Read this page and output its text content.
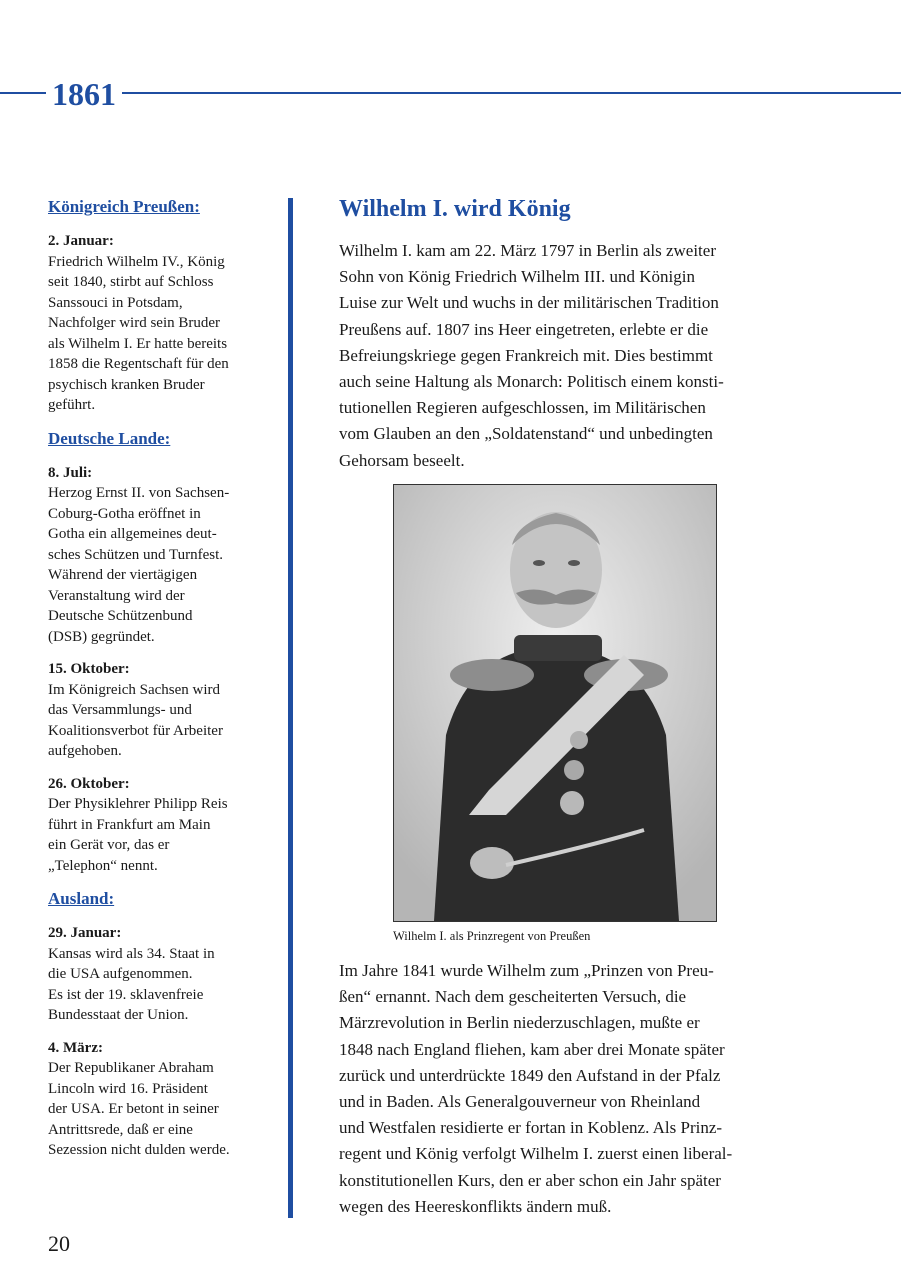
1861
Königreich Preußen:
2. Januar:
Friedrich Wilhelm IV., König
seit 1840, stirbt auf Schloss
Sanssouci in Potsdam,
Nachfolger wird sein Bruder
als Wilhelm I. Er hatte bereits
1858 die Regentschaft für den
psychisch kranken Bruder
geführt.
Deutsche Lande:
8. Juli:
Herzog Ernst II. von Sachsen-
Coburg-Gotha eröffnet in
Gotha ein allgemeines deut-
sches Schützen und Turnfest.
Während der viertägigen
Veranstaltung wird der
Deutsche Schützenbund
(DSB) gegründet.
15. Oktober:
Im Königreich Sachsen wird
das Versammlungs- und
Koalitionsverbot für Arbeiter
aufgehoben.
26. Oktober:
Der Physiklehrer Philipp Reis
führt in Frankfurt am Main
ein Gerät vor, das er
„Telephon“ nennt.
Ausland:
29. Januar:
Kansas wird als 34. Staat in
die USA aufgenommen.
Es ist der 19. sklavenfreie
Bundesstaat der Union.
4. März:
Der Republikaner Abraham
Lincoln wird 16. Präsident
der USA. Er betont in seiner
Antrittsrede, daß er eine
Sezession nicht dulden werde.
Wilhelm I. wird König

Wilhelm I. kam am 22. März 1797 in Berlin als zweiter
Sohn von König Friedrich Wilhelm III. und Königin
Luise zur Welt und wuchs in der militärischen Tradition
Preußens auf. 1807 ins Heer eingetreten, erlebte er die
Befreiungskriege gegen Frankreich mit. Dies bestimmt
auch seine Haltung als Monarch: Politisch einem konsti-
tutionellen Regieren aufgeschlossen, im Militärischen
vom Glauben an den „Soldatenstand“ und unbedingten
Gehorsam beseelt.

Wilhelm I. als Prinzregent von Preußen

Im Jahre 1841 wurde Wilhelm zum „Prinzen von Preu-
ßen“ ernannt. Nach dem gescheiterten Versuch, die
Märzrevolution in Berlin niederzuschlagen, mußte er
1848 nach England fliehen, kam aber drei Monate später
zurück und unterdrückte 1849 den Aufstand in der Pfalz
und in Baden. Als Generalgouverneur von Rheinland
und Westfalen residierte er fortan in Koblenz. Als Prinz-
regent und König verfolgt Wilhelm I. zuerst einen liberal-
konstitutionellen Kurs, den er aber schon ein Jahr später
wegen des Heereskonflikts ändern muß.

20
